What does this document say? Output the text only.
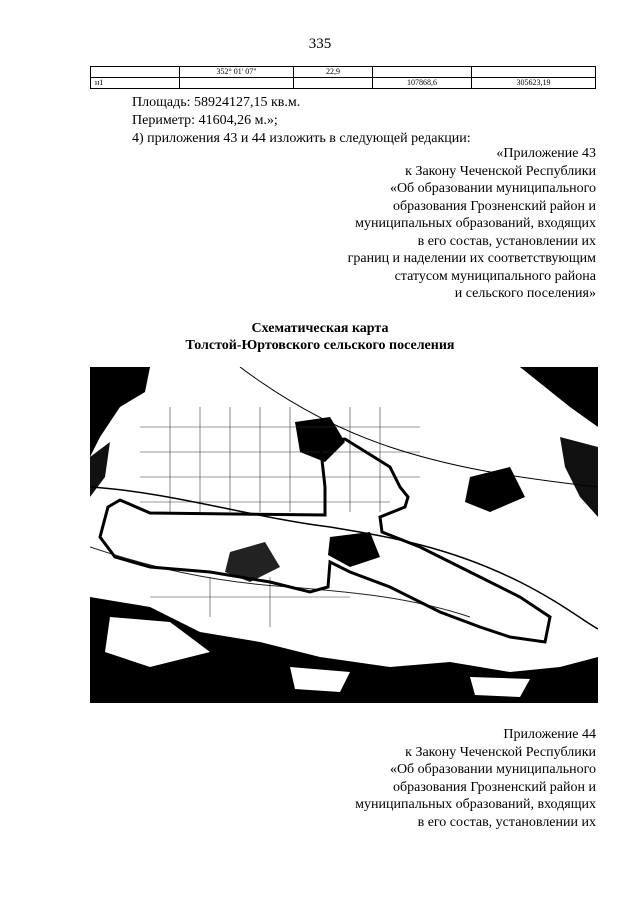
335
	352° 01' 07"	22,9		
н1			107868,6	305623,19
Площадь: 58924127,15 кв.м.
Периметр: 41604,26 м.»;
4) приложения 43 и 44 изложить в следующей редакции:
«Приложение 43
к Закону Чеченской Республики
«Об образовании муниципального
образования Грозненский район и
муниципальных образований, входящих
в его состав, установлении их
границ и наделении их соответствующим
статусом муниципального района
и сельского поселения»
Схематическая карта
Толстой-Юртовского сельского поселения
Приложение 44
к Закону Чеченской Республики
«Об образовании муниципального
образования Грозненский район и
муниципальных образований, входящих
в его состав, установлении их
